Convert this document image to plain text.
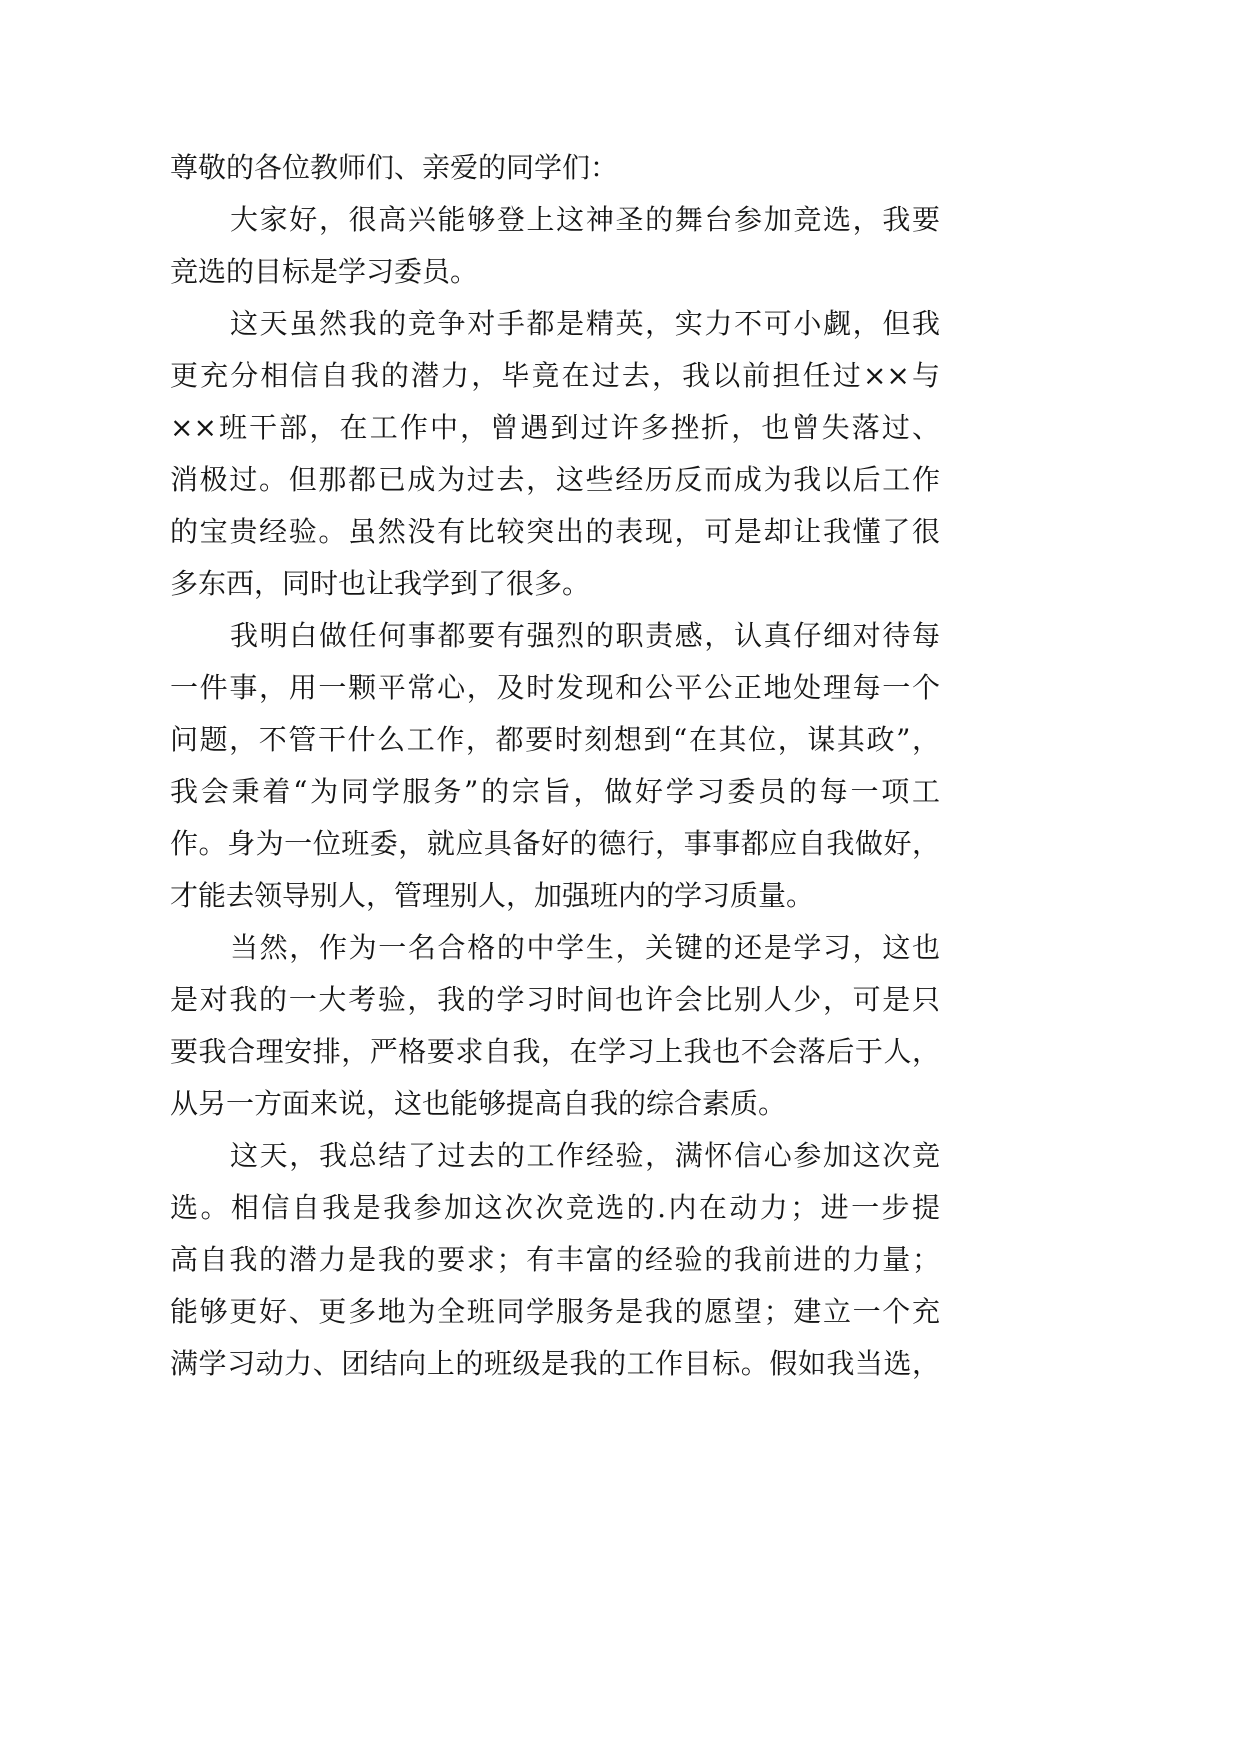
尊敬的各位教师们、亲爱的同学们：
大家好，很高兴能够登上这神圣的舞台参加竞选，我要
竞选的目标是学习委员。
这天虽然我的竞争对手都是精英，实力不可小觑，但我
更充分相信自我的潜力，毕竟在过去，我以前担任过××与
××班干部，在工作中，曾遇到过许多挫折，也曾失落过、
消极过。但那都已成为过去，这些经历反而成为我以后工作
的宝贵经验。虽然没有比较突出的表现，可是却让我懂了很
多东西，同时也让我学到了很多。
我明白做任何事都要有强烈的职责感，认真仔细对待每
一件事，用一颗平常心，及时发现和公平公正地处理每一个
问题，不管干什么工作，都要时刻想到“在其位，谋其政”，
我会秉着“为同学服务”的宗旨，做好学习委员的每一项工
作。身为一位班委，就应具备好的德行，事事都应自我做好，
才能去领导别人，管理别人，加强班内的学习质量。
当然，作为一名合格的中学生，关键的还是学习，这也
是对我的一大考验，我的学习时间也许会比别人少，可是只
要我合理安排，严格要求自我，在学习上我也不会落后于人，
从另一方面来说，这也能够提高自我的综合素质。
这天，我总结了过去的工作经验，满怀信心参加这次竞
选。相信自我是我参加这次次竞选的.内在动力；进一步提
高自我的潜力是我的要求；有丰富的经验的我前进的力量；
能够更好、更多地为全班同学服务是我的愿望；建立一个充
满学习动力、团结向上的班级是我的工作目标。假如我当选，
